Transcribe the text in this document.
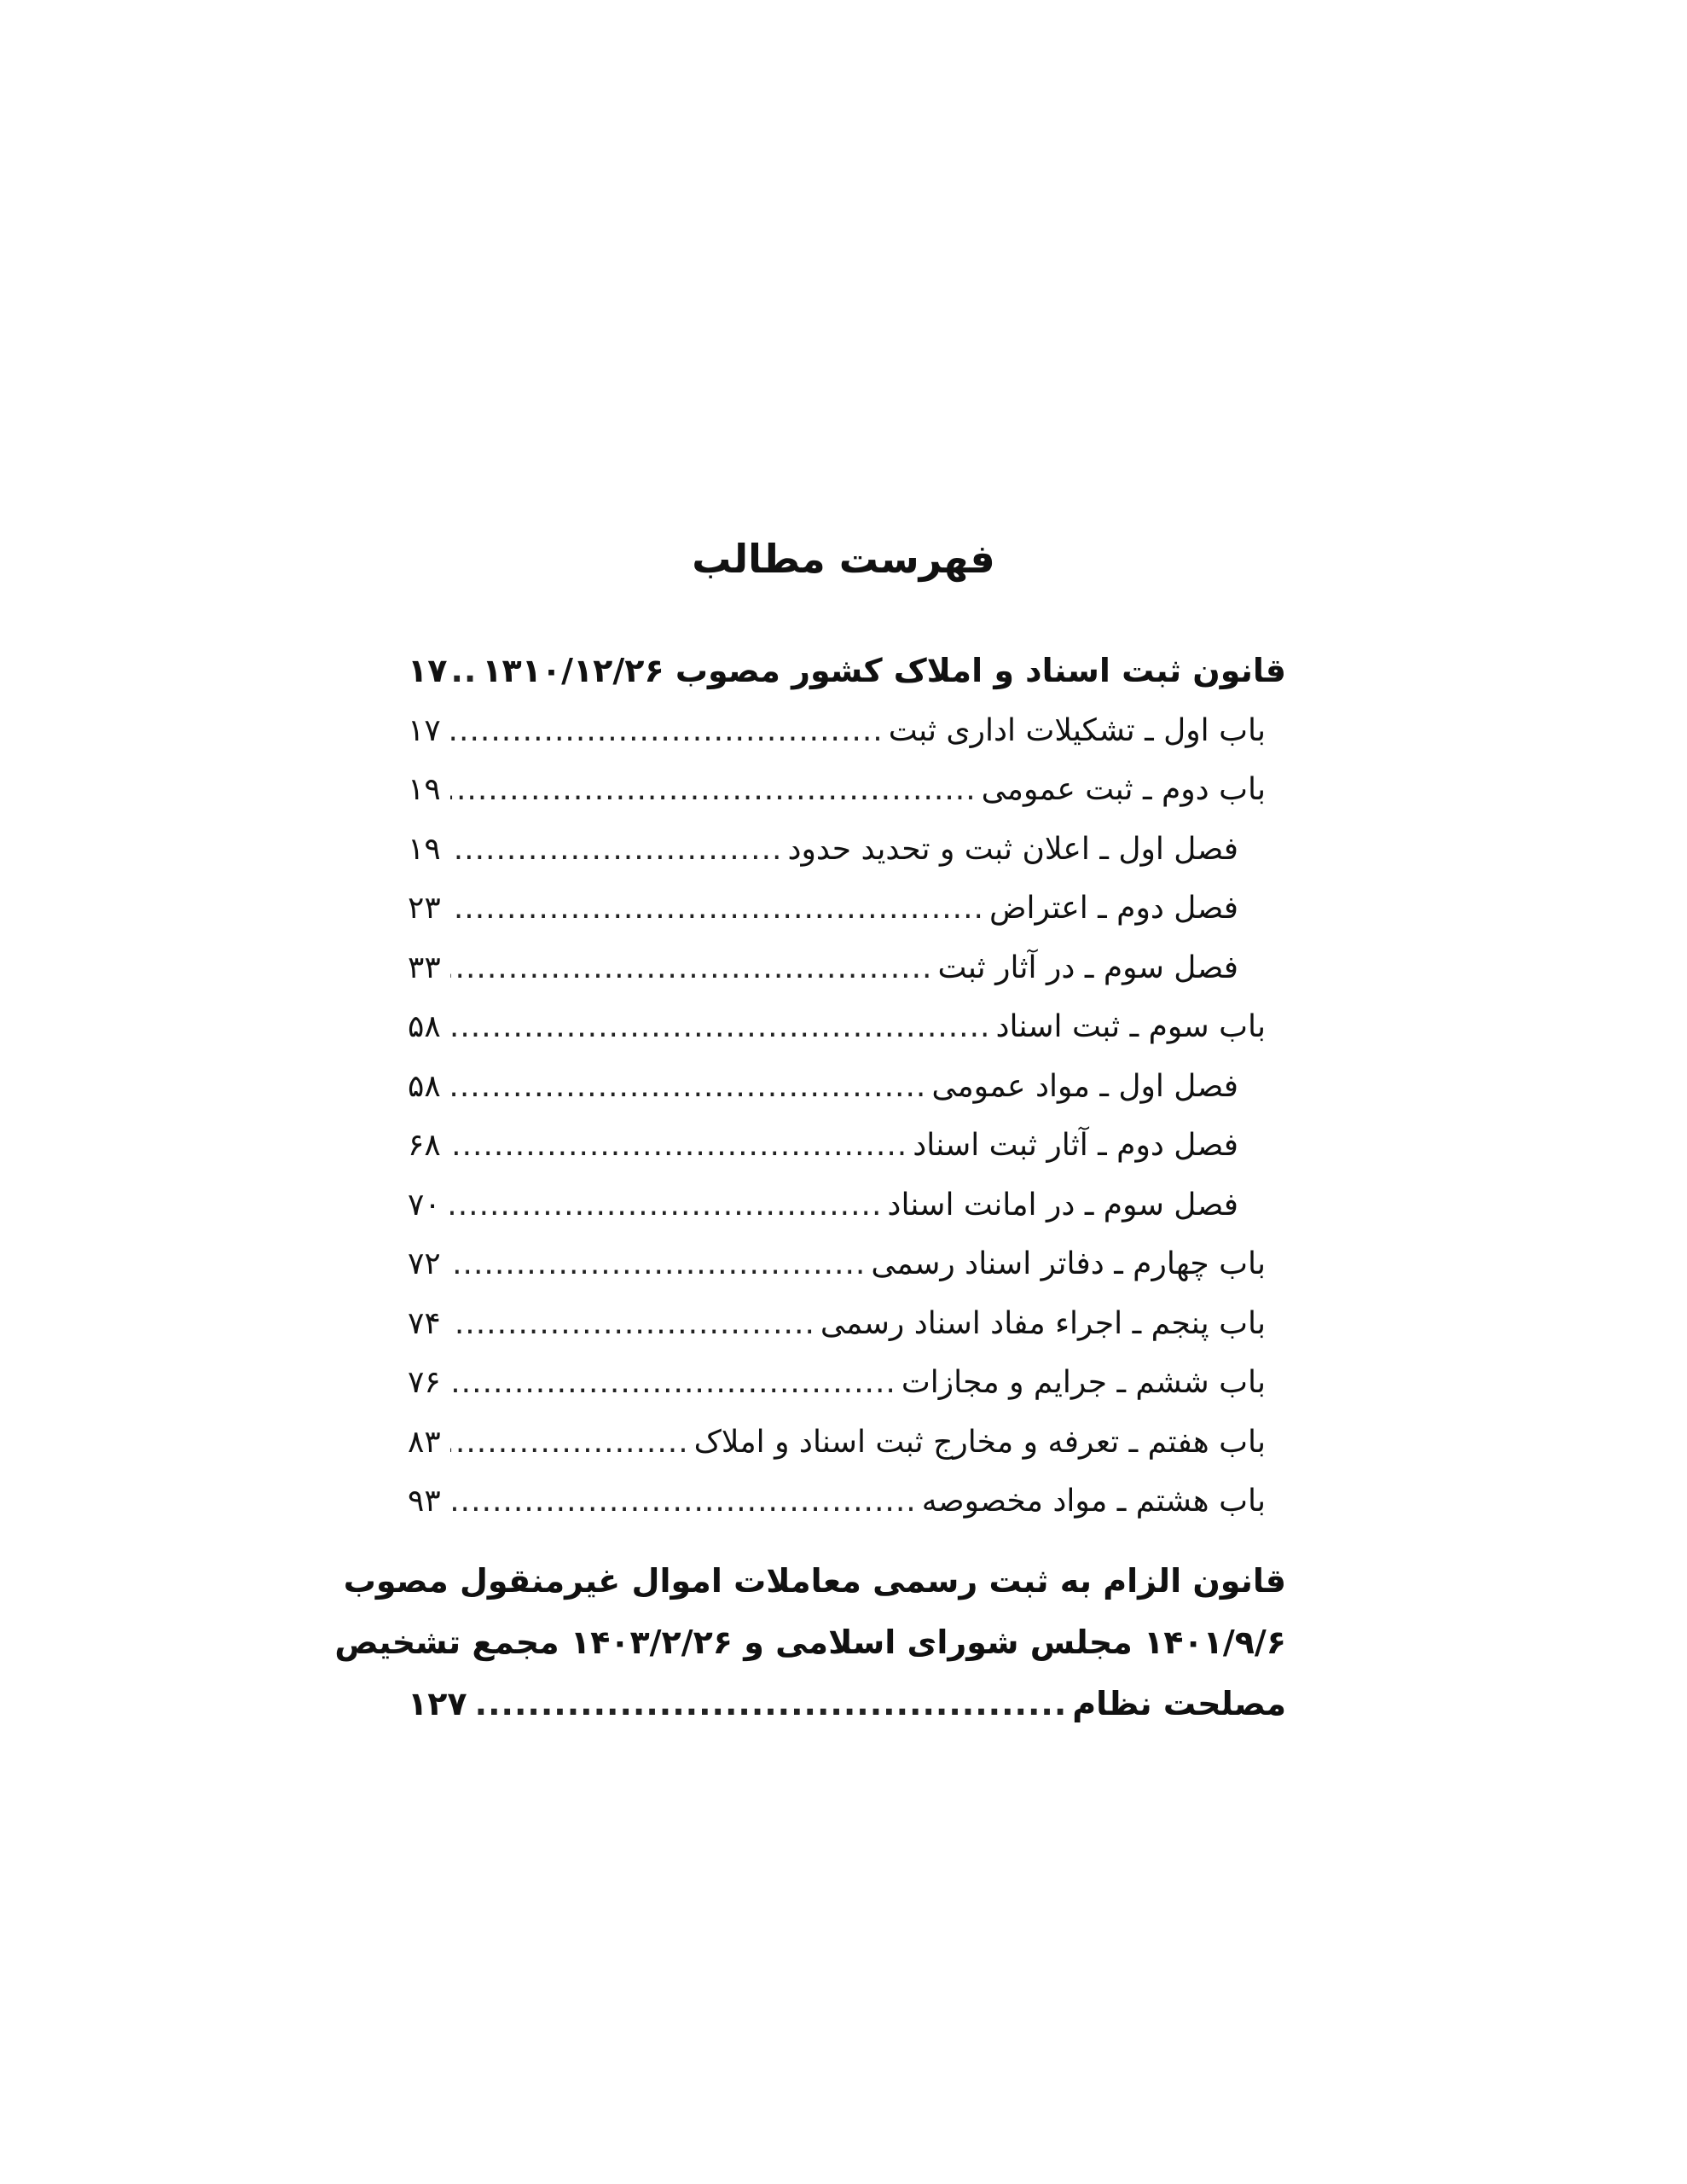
فهرست مطالب
قانون ثبت اسناد و املاک کشور مصوب ۱۳۱۰/۱۲/۲۶
.....
۱۷
باب اول ـ تشکیلات اداری ثبت
.....
۱۷
باب دوم ـ ثبت عمومی
.....
۱۹
فصل اول ـ اعلان ثبت و تحدید حدود
.....
۱۹
فصل دوم ـ اعتراض
.....
۲۳
فصل سوم ـ در آثار ثبت
.....
۳۳
باب سوم ـ ثبت اسناد
.....
۵۸
فصل اول ـ مواد عمومی
.....
۵۸
فصل دوم ـ آثار ثبت اسناد
.....
۶۸
فصل سوم ـ در امانت اسناد
.....
۷۰
باب چهارم ـ دفاتر اسناد رسمی
.....
۷۲
باب پنجم ـ اجراء مفاد اسناد رسمی
.....
۷۴
باب ششم ـ جرایم و مجازات
.....
۷۶
باب هفتم ـ تعرفه و مخارج ثبت اسناد و املاک
.....
۸۳
باب هشتم ـ مواد مخصوصه
.....
۹۳
قانون الزام به ثبت رسمی معاملات اموال غیرمنقول مصوب
۱۴۰۱/۹/۶ مجلس شورای اسلامی و ۱۴۰۳/۲/۲۶ مجمع تشخیص
مصلحت نظام
.....
۱۲۷
